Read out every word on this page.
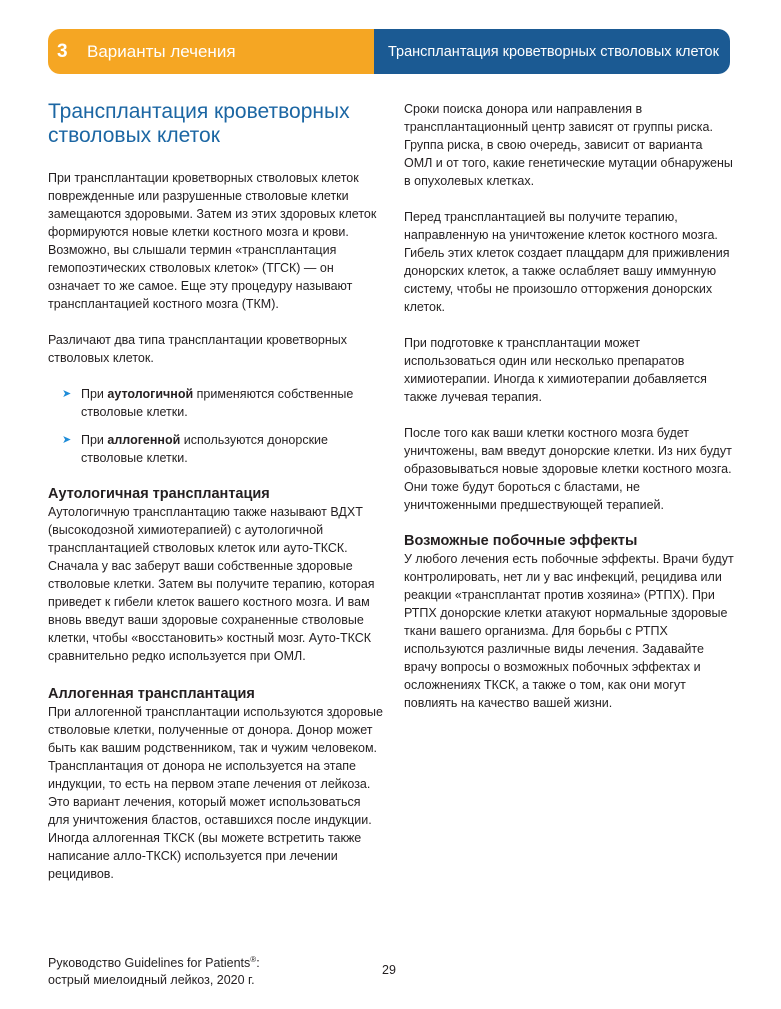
3	Варианты лечения	Трансплантация кроветворных стволовых клеток
Трансплантация кроветворных стволовых клеток

При трансплантации кроветворных стволовых клеток поврежденные или разрушенные стволовые клетки замещаются здоровыми. Затем из этих здоровых клеток формируются новые клетки костного мозга и крови. Возможно, вы слышали термин «трансплантация гемопоэтических стволовых клеток» (ТГСК) — он означает то же самое. Еще эту процедуру называют трансплантацией костного мозга (ТКМ).

Различают два типа трансплантации кроветворных стволовых клеток.

➤ При аутологичной применяются собственные стволовые клетки.
➤ При аллогенной используются донорские стволовые клетки.
Аутологичная трансплантация

Аутологичную трансплантацию также называют ВДХТ (высокодозной химиотерапией) с аутологичной трансплантацией стволовых клеток или ауто-ТКСК. Сначала у вас заберут ваши собственные здоровые стволовые клетки. Затем вы получите терапию, которая приведет к гибели клеток вашего костного мозга. И вам вновь введут ваши здоровые сохраненные стволовые клетки, чтобы «восстановить» костный мозг. Ауто-ТКСК сравнительно редко используется при ОМЛ.

Аллогенная трансплантация

При аллогенной трансплантации используются здоровые стволовые клетки, полученные от донора. Донор может быть как вашим родственником, так и чужим человеком. Трансплантация от донора не используется на этапе индукции, то есть на первом этапе лечения от лейкоза. Это вариант лечения, который может использоваться для уничтожения бластов, оставшихся после индукции. Иногда аллогенная ТКСК (вы можете встретить также написание алло-ТКСК) используется при лечении рецидивов.

Сроки поиска донора или направления в трансплантационный центр зависят от группы риска. Группа риска, в свою очередь, зависит от варианта ОМЛ и от того, какие генетические мутации обнаружены в опухолевых клетках.

Перед трансплантацией вы получите терапию, направленную на уничтожение клеток костного мозга. Гибель этих клеток создает плацдарм для приживления донорских клеток, а также ослабляет вашу иммунную систему, чтобы не произошло отторжения донорских клеток.

При подготовке к трансплантации может использоваться один или несколько препаратов химиотерапии. Иногда к химиотерапии добавляется также лучевая терапия.

После того как ваши клетки костного мозга будет уничтожены, вам введут донорские клетки. Из них будут образовываться новые здоровые клетки костного мозга. Они тоже будут бороться с бластами, не уничтоженными предшествующей терапией.

Возможные побочные эффекты

У любого лечения есть побочные эффекты. Врачи будут контролировать, нет ли у вас инфекций, рецидива или реакции «трансплантат против хозяина» (РТПХ). При РТПХ донорские клетки атакуют нормальные здоровые ткани вашего организма. Для борьбы с РТПХ используются различные виды лечения. Задавайте врачу вопросы о возможных побочных эффектах и осложнениях ТКСК, а также о том, как они могут повлиять на качество вашей жизни.

Руководство Guidelines for Patients®:
острый миелоидный лейкоз, 2020 г.
29
